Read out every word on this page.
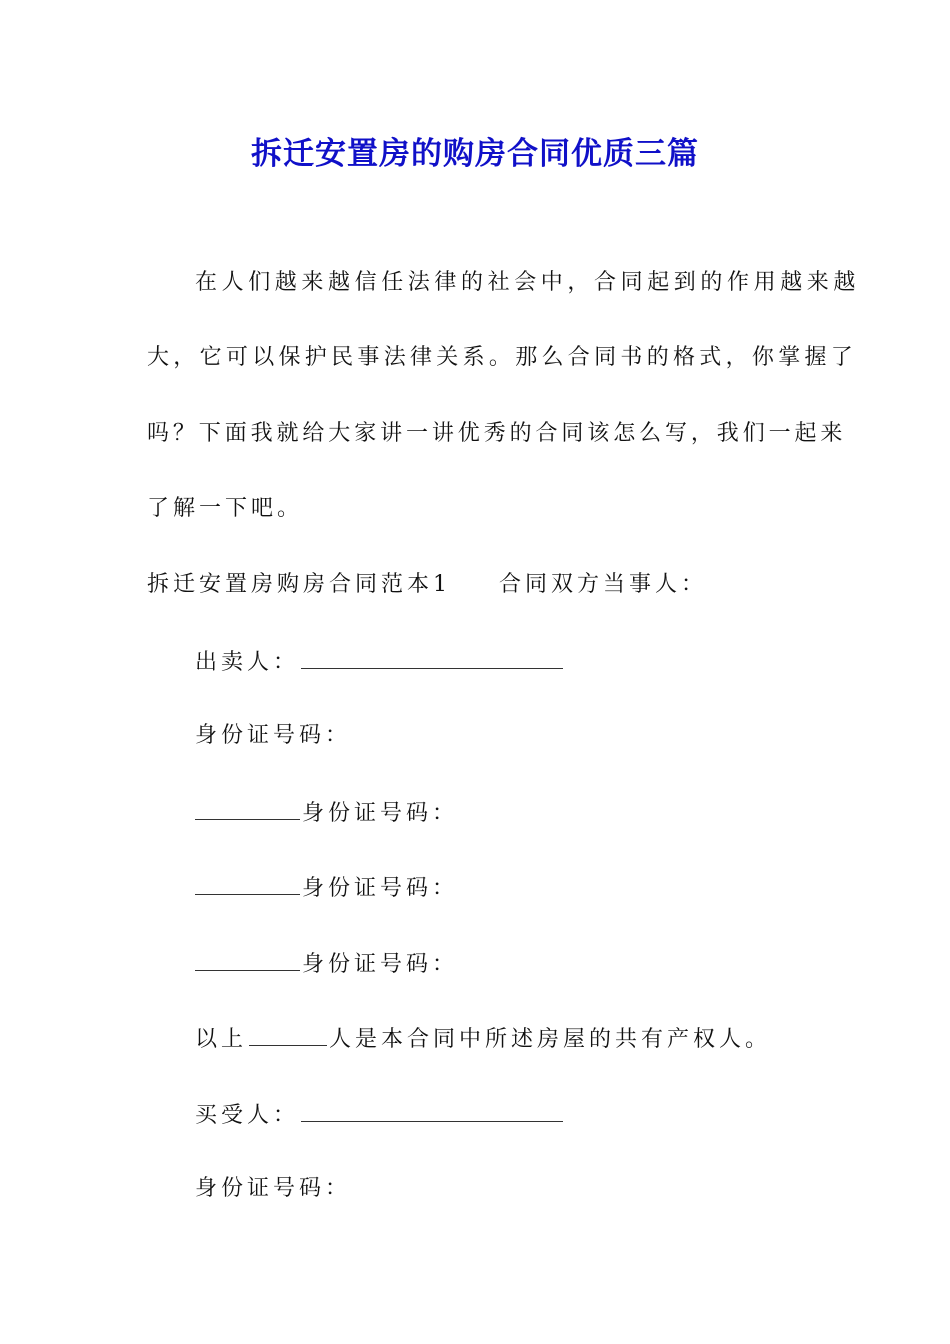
拆迁安置房的购房合同优质三篇
在人们越来越信任法律的社会中，合同起到的作用越来越
大，它可以保护民事法律关系。那么合同书的格式，你掌握了
吗？下面我就给大家讲一讲优秀的合同该怎么写，我们一起来
了解一下吧。
拆迁安置房购房合同范本1 合同双方当事人：
出卖人：
身份证号码：
身份证号码：
身份证号码：
身份证号码：
以上	人是本合同中所述房屋的共有产权人。
买受人：
身份证号码：
